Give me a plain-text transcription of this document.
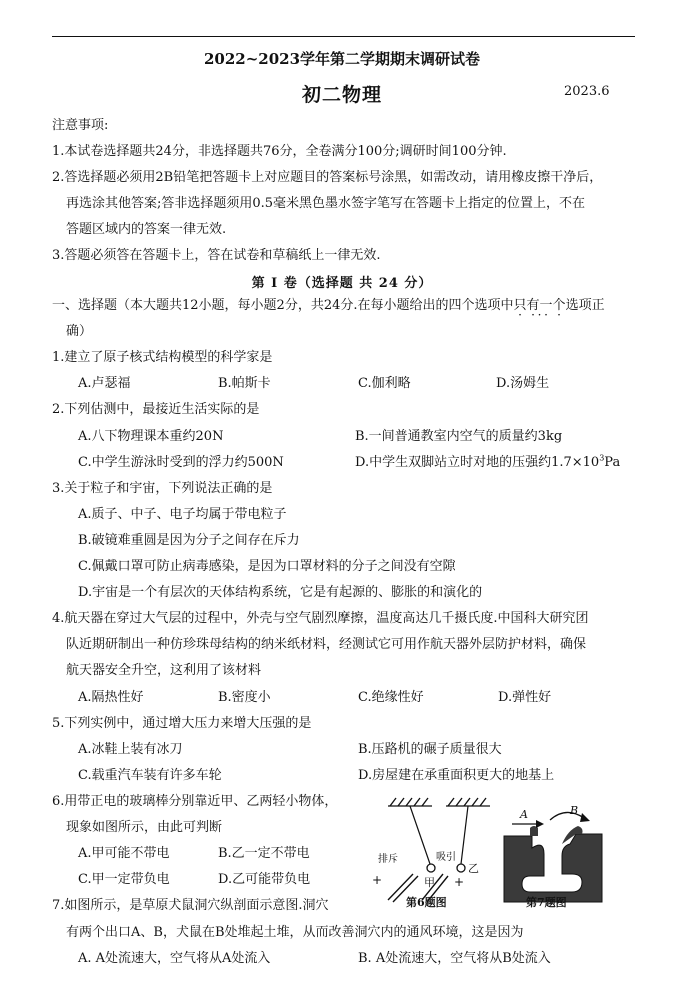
2022~2023学年第二学期期末调研试卷
初二物理	2023.6
注意事项:
1.本试卷选择题共24分，非选择题共76分，全卷满分100分;调研时间100分钟.
2.答选择题必须用2B铅笔把答题卡上对应题目的答案标号涂黑，如需改动，请用橡皮擦干净后，
再选涂其他答案;答非选择题须用0.5毫米黑色墨水签字笔写在答题卡上指定的位置上，不在
答题区域内的答案一律无效.
3.答题必须答在答题卡上，答在试卷和草稿纸上一律无效.
第 Ⅰ 卷（选择题 共 24 分）
一、选择题（本大题共12小题，每小题2分，共24分.在每小题给出的四个选项中只有一个选项正
确）
1.建立了原子核式结构模型的科学家是
A.卢瑟福	B.帕斯卡	C.伽利略	D.汤姆生
2.下列估测中，最接近生活实际的是
A.八下物理课本重约20N	B.一间普通教室内空气的质量约3kg
C.中学生游泳时受到的浮力约500N	D.中学生双脚站立时对地的压强约$1.7\times 10^3Pa$
3.关于粒子和宇宙，下列说法正确的是
A.质子、中子、电子均属于带电粒子
B.破镜难重圆是因为分子之间存在斥力
C.佩戴口罩可防止病毒感染，是因为口罩材料的分子之间没有空隙
D.宇宙是一个有层次的天体结构系统，它是有起源的、膨胀的和演化的
4.航天器在穿过大气层的过程中，外壳与空气剧烈摩擦，温度高达几千摄氏度.中国科大研究团
队近期研制出一种仿珍珠母结构的纳米纸材料，经测试它可用作航天器外层防护材料，确保
航天器安全升空，这利用了该材料
A.隔热性好	B.密度小	C.绝缘性好	D.弹性好
5.下列实例中，通过增大压力来增大压强的是
A.冰鞋上装有冰刀	B.压路机的碾子质量很大
C.载重汽车装有许多车轮	D.房屋建在承重面积更大的地基上
6.用带正电的玻璃棒分别靠近甲、乙两轻小物体，
现象如图所示，由此可判断
A.甲可能不带电	B.乙一定不带电
C.甲一定带负电	D.乙可能带负电
7.如图所示，是草原犬鼠洞穴纵剖面示意图.洞穴
有两个出口A、B，犬鼠在B处堆起土堆，从而改善洞穴内的通风环境，这是因为
A. A处流速大，空气将从A处流入	B. A处流速大，空气将从B处流入
排斥	吸引
甲
乙
+	+
第6题图
A	B
第7题图
